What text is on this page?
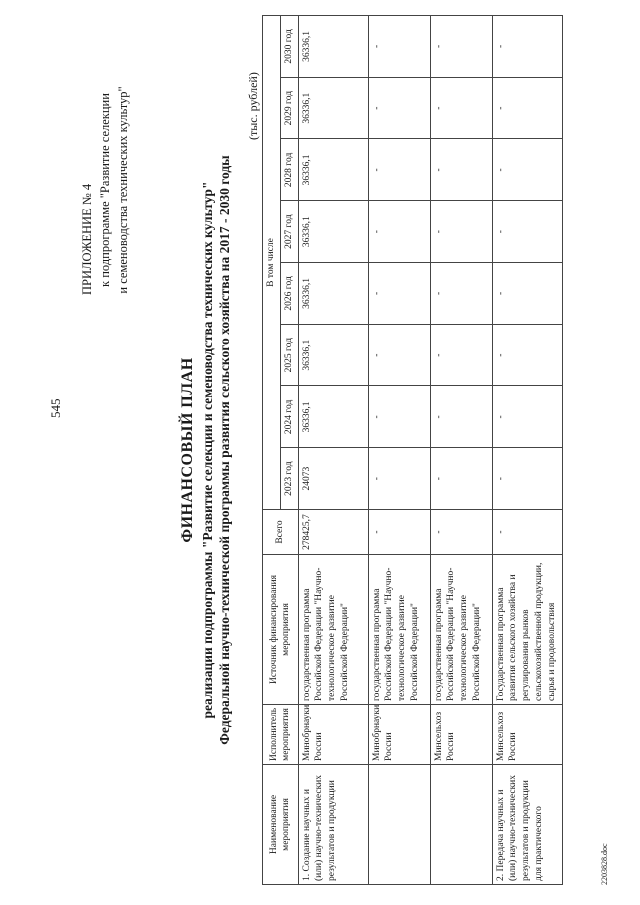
545
ПРИЛОЖЕНИЕ № 4 к подпрограмме "Развитие селекции и семеноводства технических культур"
ФИНАНСОВЫЙ ПЛАН реализации подпрограммы "Развитие селекции и семеноводства технических культур" Федеральной научно-технической программы развития сельского хозяйства на 2017 - 2030 годы
(тыс. рублей)
Наименование мероприятия	Исполнитель мероприятия	Источник финансирования мероприятия	Всего	В том числе							
				2023 год	2024 год	2025 год	2026 год	2027 год	2028 год	2029 год	2030 год
1. Создание научных и (или) научно-технических результатов и продукции	Минобрнауки России	государственная программа Российской Федерации "Научно-технологическое развитие Российской Федерации"	278425,7	24073	36336,1	36336,1	36336,1	36336,1	36336,1	36336,1	36336,1
	Минобрнауки России	государственная программа Российской Федерации "Научно-технологическое развитие Российской Федерации"	-	-	-	-	-	-	-	-	-
	Минсельхоз России	государственная программа Российской Федерации "Научно-технологическое развитие Российской Федерации"	-	-	-	-	-	-	-	-	-
2. Передача научных и (или) научно-технических результатов и продукции для практического	Минсельхоз России	Государственная программа развития сельского хозяйства и регулирования рынков сельскохозяйственной продукции, сырья и продовольствия	-	-	-	-	-	-	-	-	-
2203828.doc
